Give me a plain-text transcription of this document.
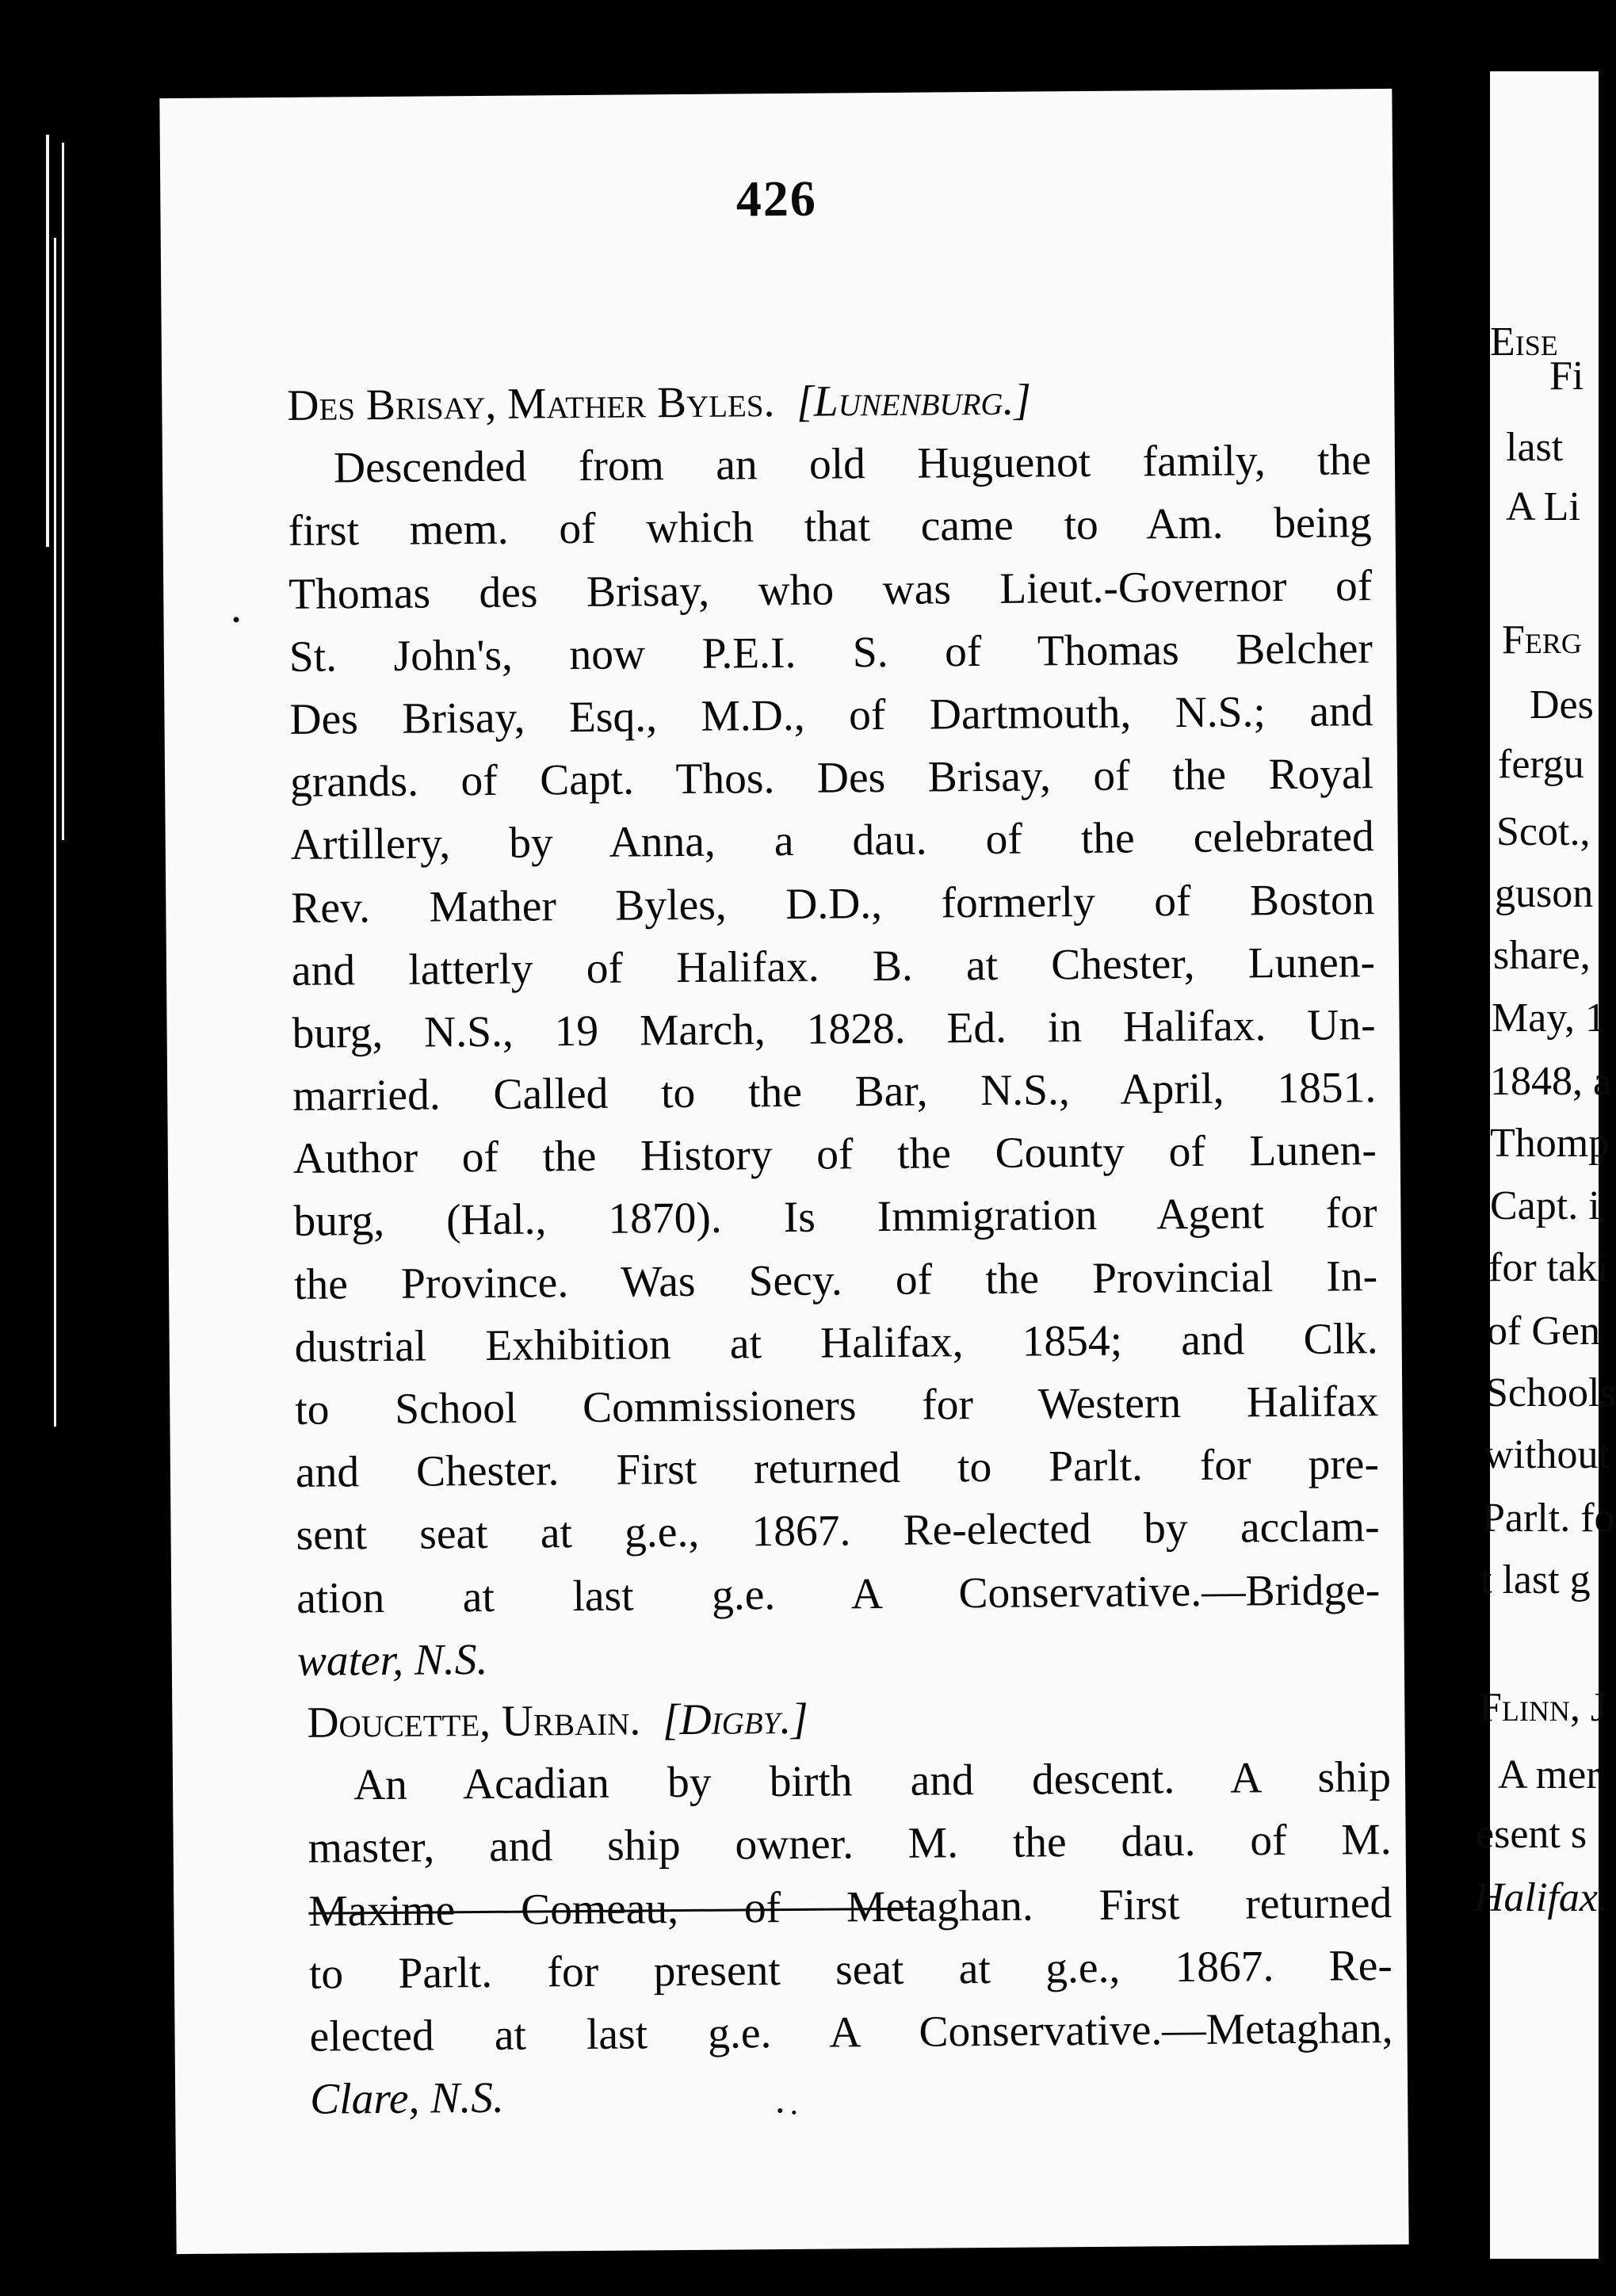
426
Des Brisay, Mather Byles. [Lunenburg.]
Descended from an old Huguenot family, the
first mem. of which that came to Am. being
Thomas des Brisay, who was Lieut.-Governor of
St. John's, now P.E.I. S. of Thomas Belcher
Des Brisay, Esq., M.D., of Dartmouth, N.S.; and
grands. of Capt. Thos. Des Brisay, of the Royal
Artillery, by Anna, a dau. of the celebrated
Rev. Mather Byles, D.D., formerly of Boston
and latterly of Halifax. B. at Chester, Lunen-
burg, N.S., 19 March, 1828. Ed. in Halifax. Un-
married. Called to the Bar, N.S., April, 1851.
Author of the History of the County of Lunen-
burg, (Hal., 1870). Is Immigration Agent for
the Province. Was Secy. of the Provincial In-
dustrial Exhibition at Halifax, 1854; and Clk.
to School Commissioners for Western Halifax
and Chester. First returned to Parlt. for pre-
sent seat at g.e., 1867. Re-elected by acclam-
ation at last g.e. A Conservative.—Bridge-
water, N.S.
Doucette, Urbain. [Digby.]
An Acadian by birth and descent. A ship
master, and ship owner. M. the dau. of M.
Maxime Comeau, of Metaghan. First returned
to Parlt. for present seat at g.e., 1867. Re-
elected at last g.e. A Conservative.—Metaghan,
Clare, N.S.
Eise
Fi
last
A Li
Ferg
Des
fergu
Scot.,
guson
share,
May, 1
1848, a
Thomp
Capt. i
for taki
of Gen
Schools
without
Parlt. fo
t last g
Flinn, J
A mer
esent s
Halifax.
